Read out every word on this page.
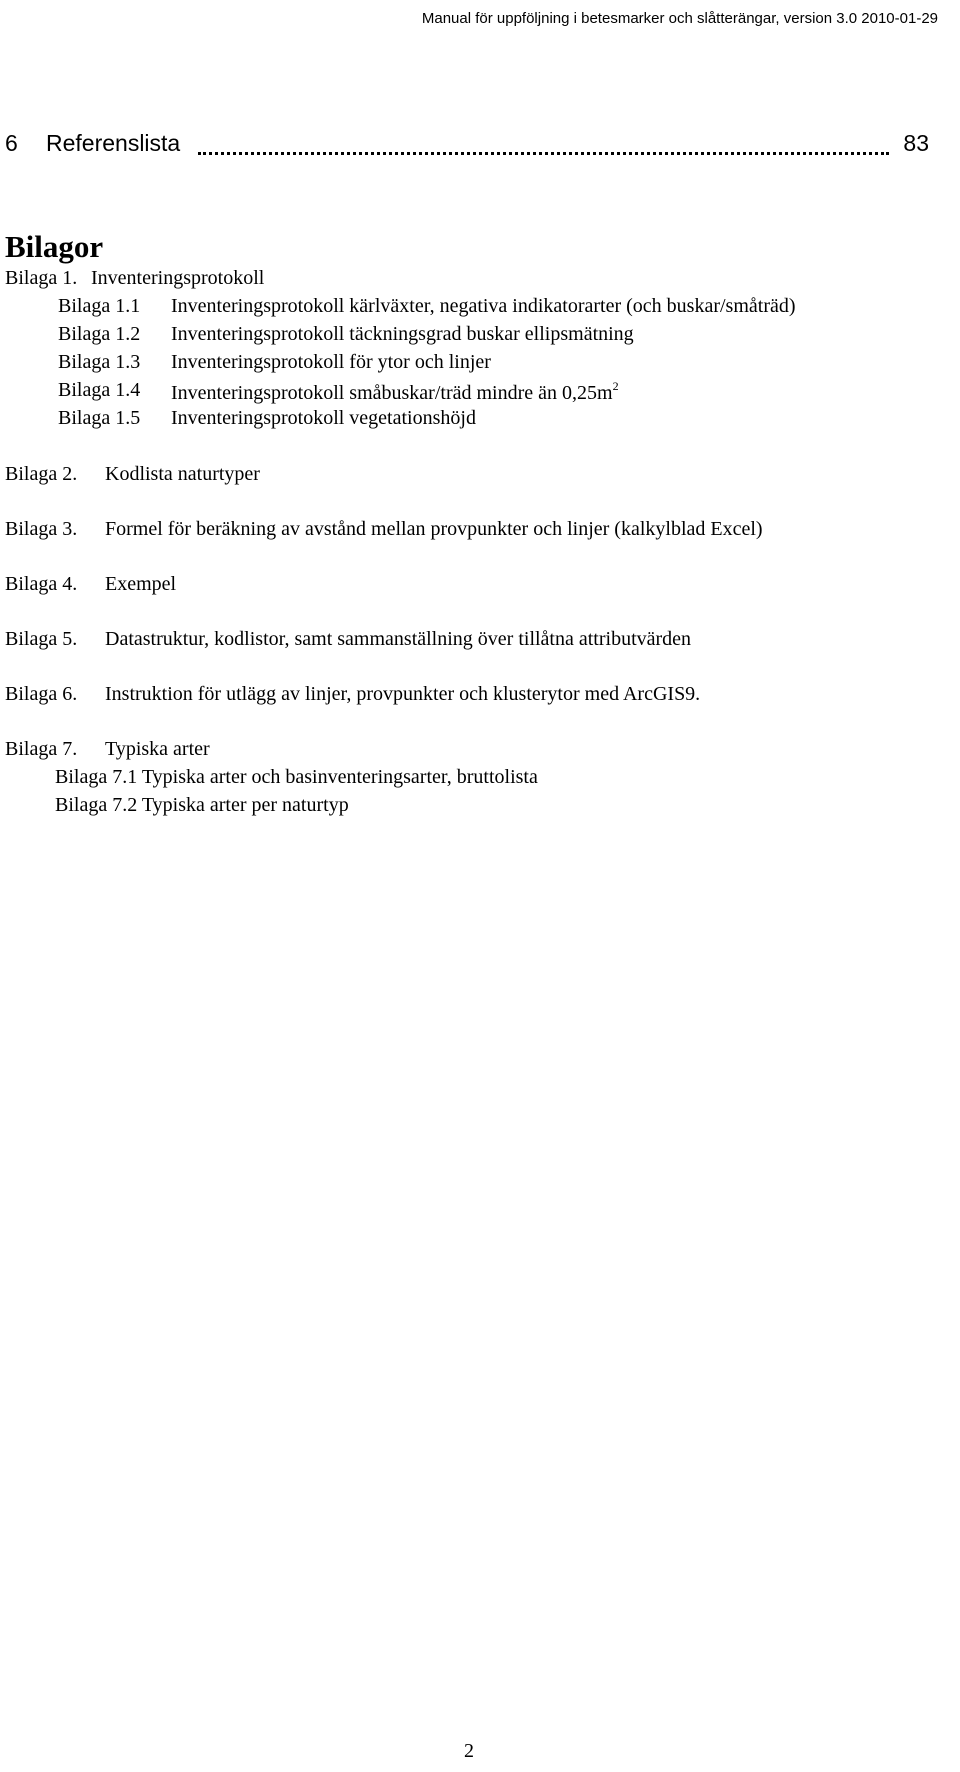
Manual för uppföljning i betesmarker och slåtterängar, version 3.0 2010-01-29
6 Referenslista	83
Bilagor
Bilaga 1. Inventeringsprotokoll
Bilaga 1.1 Inventeringsprotokoll kärlväxter, negativa indikatorarter (och buskar/småträd)
Bilaga 1.2 Inventeringsprotokoll täckningsgrad buskar ellipsmätning
Bilaga 1.3 Inventeringsprotokoll för ytor och linjer
Bilaga 1.4 Inventeringsprotokoll småbuskar/träd mindre än $0,25m^2$
Bilaga 1.5 Inventeringsprotokoll vegetationshöjd
Bilaga 2. Kodlista naturtyper
Bilaga 3. Formel för beräkning av avstånd mellan provpunkter och linjer (kalkylblad Excel)
Bilaga 4. Exempel
Bilaga 5. Datastruktur, kodlistor, samt sammanställning över tillåtna attributvärden
Bilaga 6. Instruktion för utlägg av linjer, provpunkter och klusterytor med ArcGIS9.
Bilaga 7. Typiska arter
Bilaga 7.1 Typiska arter och basinventeringsarter, bruttolista
Bilaga 7.2 Typiska arter per naturtyp
2
